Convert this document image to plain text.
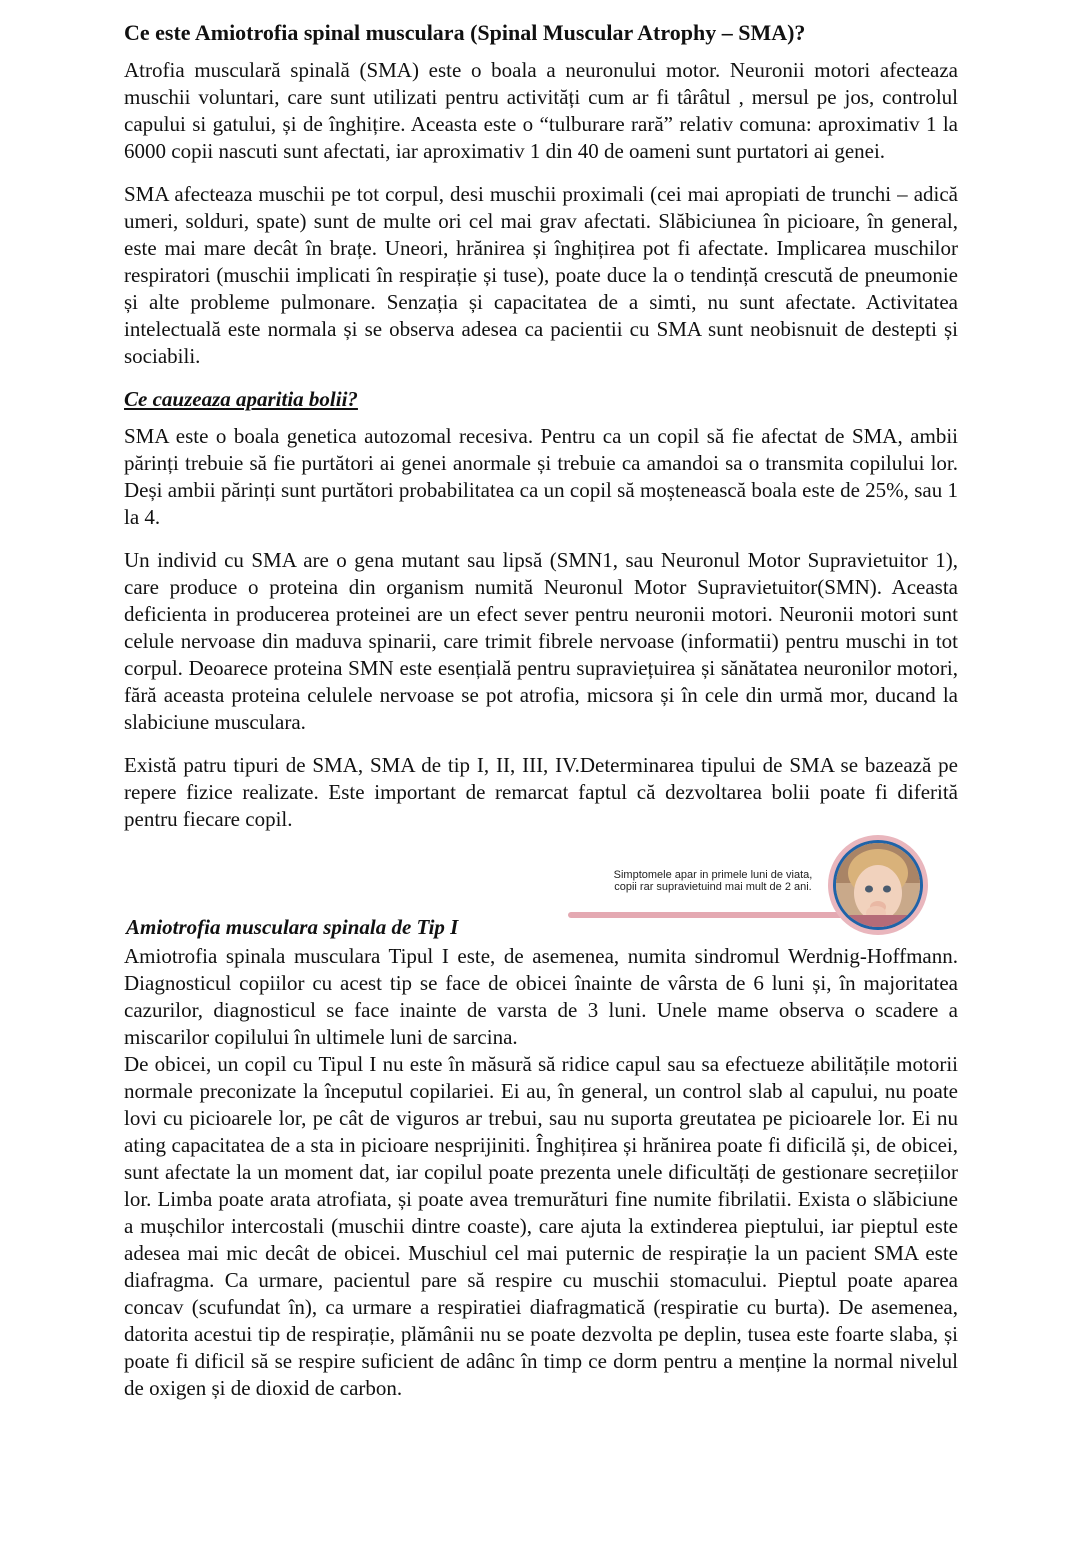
Ce este Amiotrofia spinal musculara (Spinal Muscular Atrophy – SMA)?

Atrofia musculară spinală (SMA) este o boala a neuronului motor. Neuronii motori afecteaza muschii voluntari, care sunt utilizati pentru activități cum ar fi târâtul , mersul pe jos, controlul capului si gatului, și de înghițire. Aceasta este o “tulburare rară” relativ comuna: aproximativ 1 la 6000 copii nascuti sunt afectati, iar aproximativ 1 din 40 de oameni sunt purtatori ai genei.

SMA afecteaza muschii pe tot corpul, desi muschii proximali (cei mai apropiati de trunchi – adică umeri, solduri, spate) sunt de multe ori cel mai grav afectati. Slăbiciunea în picioare, în general, este mai mare decât în brațe. Uneori, hrănirea și înghițirea pot fi afectate. Implicarea muschilor respiratori (muschii implicati în respirație și tuse), poate duce la o tendință crescută de pneumonie și alte probleme pulmonare. Senzația și capacitatea de a simti, nu sunt afectate. Activitatea intelectuală este normala și se observa adesea ca pacientii cu SMA sunt neobisnuit de destepti și sociabili.

Ce cauzeaza aparitia bolii?

SMA este o boala genetica autozomal recesiva. Pentru ca un copil să fie afectat de SMA, ambii părinți trebuie să fie purtători ai genei anormale și trebuie ca amandoi sa o transmita copilului lor. Deși ambii părinți sunt purtători probabilitatea ca un copil să moștenească boala este de 25%, sau 1 la 4.

Un individ cu SMA are o gena mutant sau lipsă (SMN1, sau Neuronul Motor Supravietuitor 1), care produce o proteina din organism numită Neuronul Motor Supravietuitor(SMN). Aceasta deficienta in producerea proteinei are un efect sever pentru neuronii motori. Neuronii motori sunt celule nervoase din maduva spinarii, care trimit fibrele nervoase (informatii) pentru muschi in tot corpul. Deoarece proteina SMN este esențială pentru supraviețuirea și sănătatea neuronilor motori, fără aceasta proteina celulele nervoase se pot atrofia, micsora și în cele din urmă mor, ducand la slabiciune musculara.

Există patru tipuri de SMA, SMA de tip I, II, III, IV.Determinarea tipului de SMA se bazează pe repere fizice realizate. Este important de remarcat faptul că dezvoltarea bolii poate fi diferită pentru fiecare copil.

Simptomele apar in primele luni de viata, copii rar supravietuind mai mult de 2 ani.
Amiotrofia musculara spinala de Tip I

Amiotrofia spinala musculara Tipul I este, de asemenea, numita sindromul Werdnig-Hoffmann. Diagnosticul copiilor cu acest tip se face de obicei înainte de vârsta de 6 luni și, în majoritatea cazurilor, diagnosticul se face inainte de varsta de 3 luni. Unele mame observa o scadere a miscarilor copilului în ultimele luni de sarcina.

De obicei, un copil cu Tipul I nu este în măsură să ridice capul sau sa efectueze abilitățile motorii normale preconizate la începutul copilariei. Ei au, în general, un control slab al capului, nu poate lovi cu picioarele lor, pe cât de viguros ar trebui, sau nu suporta greutatea pe picioarele lor. Ei nu ating capacitatea de a sta in picioare nesprijiniti. Înghițirea și hrănirea poate fi dificilă și, de obicei, sunt afectate la un moment dat, iar copilul poate prezenta unele dificultăți de gestionare secrețiilor lor. Limba poate arata atrofiata, și poate avea tremurături fine numite fibrilatii. Exista o slăbiciune a mușchilor intercostali (muschii dintre coaste), care ajuta la extinderea pieptului, iar pieptul este adesea mai mic decât de obicei. Muschiul cel mai puternic de respirație la un pacient SMA este diafragma. Ca urmare, pacientul pare să respire cu muschii stomacului. Pieptul poate aparea concav (scufundat în), ca urmare a respiratiei diafragmatică (respiratie cu burta). De asemenea, datorita acestui tip de respirație, plămânii nu se poate dezvolta pe deplin, tusea este foarte slaba, și poate fi dificil să se respire suficient de adânc în timp ce dorm pentru a menține la normal nivelul de oxigen și de dioxid de carbon.
